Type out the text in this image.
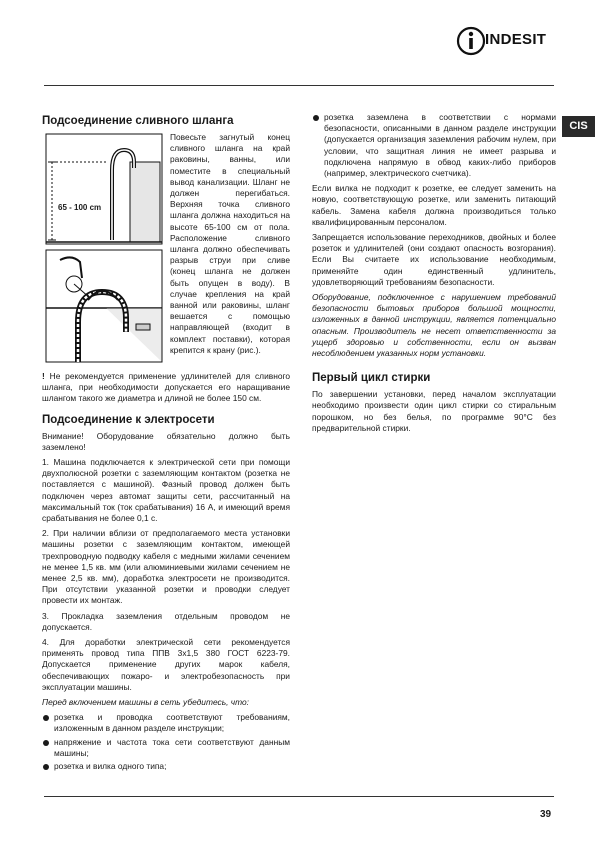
INDESIT
CIS
Подсоединение сливного шланга
65 - 100 cm
Повесьте загнутый конец сливного шланга на край раковины, ванны, или поместите в специальный вывод канализации. Шланг не должен перегибаться. Верхняя точка сливного шланга должна находиться на высоте 65-100 см от пола. Расположение сливного шланга должно обеспечивать разрыв струи при сливе (конец шланга не должен быть опущен в воду). В случае крепления на край ванной или раковины, шланг вешается с помощью направляющей (входит в комплект поставки), которая крепится к крану (рис.).

! Не рекомендуется применение удлинителей для сливного шланга, при необходимости допускается его наращивание шлангом такого же диаметра и длиной не более 150 см.

Подсоединение к электросети

Внимание! Оборудование обязательно должно быть заземлено!

1. Машина подключается к электрической сети при помощи двухполюсной розетки с заземляющим контактом (розетка не поставляется с машиной). Фазный провод должен быть подключен через автомат защиты сети, рассчитанный на максимальный ток (ток срабатывания) 16 А, и имеющий время срабатывания не более 0,1 с.

2. При наличии вблизи от предполагаемого места установки машины розетки с заземляющим контактом, имеющей трехпроводную подводку кабеля с медными жилами сечением не менее 1,5 кв. мм (или алюминиевыми жилами сечением не менее 2,5 кв. мм), доработка электросети не производится. При отсутствии указанной розетки и проводки следует провести их монтаж.

3. Прокладка заземления отдельным проводом не допускается.

4. Для доработки электрической сети рекомендуется применять провод типа ППВ 3х1,5 380 ГОСТ 6223-79. Допускается применение других марок кабеля, обеспечивающих пожаро- и электробезопасность при эксплуатации машины.

Перед включением машины в сеть убедитесь, что:

розетка и проводка соответствуют требованиям, изложенным в данном разделе инструкции;
напряжение и частота тока сети соответствуют данным машины;
розетка и вилка одного типа;
розетка заземлена в соответствии с нормами безопасности, описанными в данном разделе инструкции (допускается организация заземления рабочим нулем, при условии, что защитная линия не имеет разрыва и подключена напрямую в обвод каких-либо приборов (например, электрического счетчика).

Если вилка не подходит к розетке, ее следует заменить на новую, соответствующую розетке, или заменить питающий кабель. Замена кабеля должна производиться только квалифицированным персоналом.

Запрещается использование переходников, двойных и более розеток и удлинителей (они создают опасность возгорания). Если Вы считаете их использование необходимым, применяйте один единственный удлинитель, удовлетворяющий требованиям безопасности.

Оборудование, подключенное с нарушением требований безопасности бытовых приборов большой мощности, изложенных в данной инструкции, является потенциально опасным. Производитель не несет ответственности за ущерб здоровью и собственности, если он вызван несоблюдением указанных норм установки.

Первый цикл стирки

По завершении установки, перед началом эксплуатации необходимо произвести один цикл стирки со стиральным порошком, но без белья, по программе 90°С без предварительной стирки.

39
